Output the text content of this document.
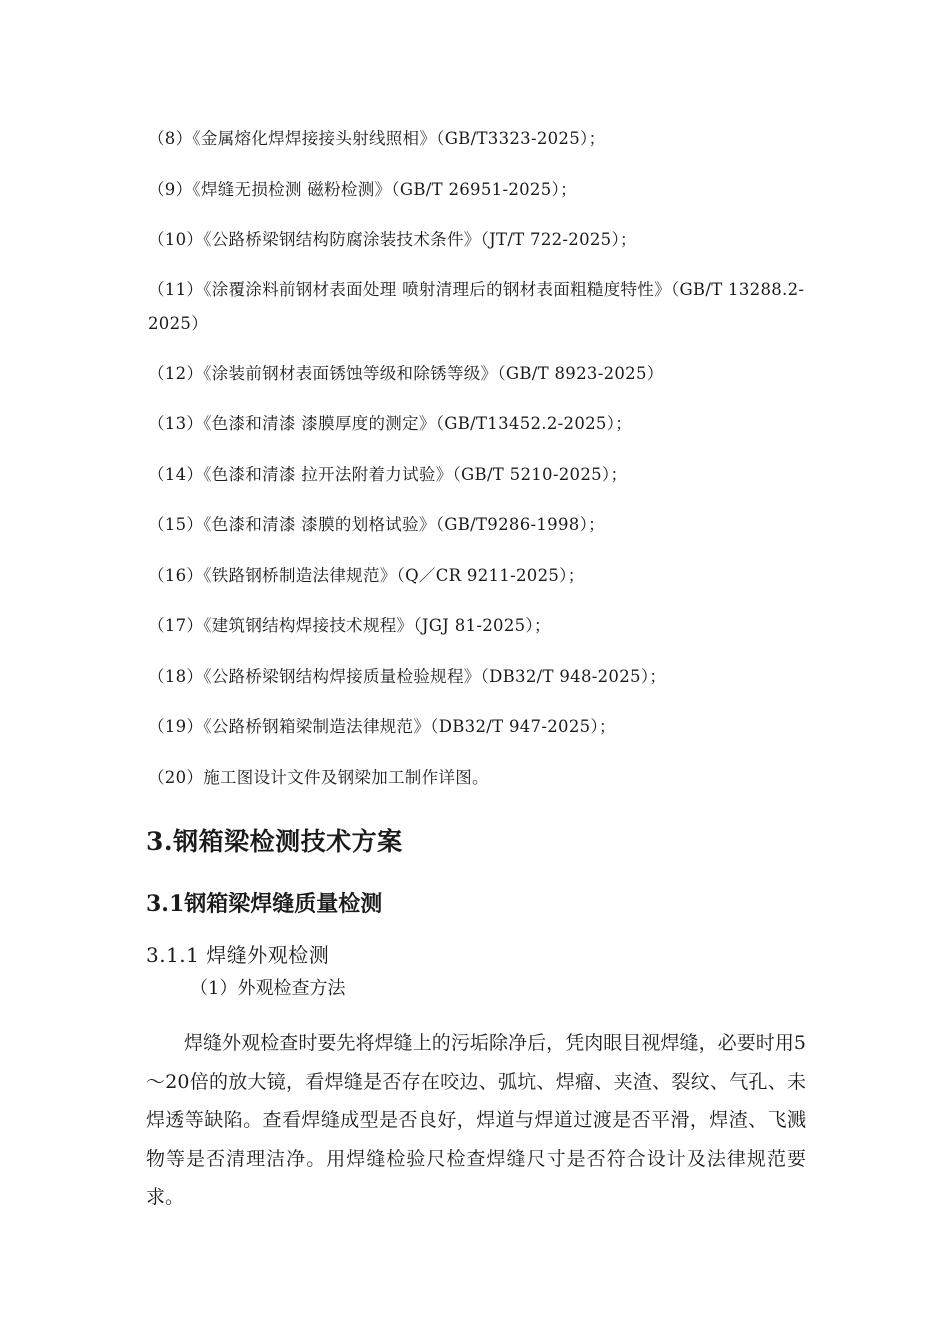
（8）《金属熔化焊焊接接头射线照相》（GB/T3323-2025）；
（9）《焊缝无损检测 磁粉检测》（GB/T 26951-2025）；
（10）《公路桥梁钢结构防腐涂装技术条件》（JT/T 722-2025）；
（11）《涂覆涂料前钢材表面处理 喷射清理后的钢材表面粗糙度特性》（GB/T 13288.2-2025）
（12）《涂装前钢材表面锈蚀等级和除锈等级》（GB/T 8923-2025）
（13）《色漆和清漆 漆膜厚度的测定》（GB/T13452.2-2025）；
（14）《色漆和清漆 拉开法附着力试验》（GB/T 5210-2025）；
（15）《色漆和清漆 漆膜的划格试验》（GB/T9286-1998）；
（16）《铁路钢桥制造法律规范》（Q／CR 9211-2025）；
（17）《建筑钢结构焊接技术规程》（JGJ 81-2025）；
（18）《公路桥梁钢结构焊接质量检验规程》（DB32/T 948-2025）；
（19）《公路桥钢箱梁制造法律规范》（DB32/T 947-2025）；
（20）施工图设计文件及钢梁加工制作详图。
3.钢箱梁检测技术方案
3.1钢箱梁焊缝质量检测
3.1.1 焊缝外观检测
（1）外观检查方法

焊缝外观检查时要先将焊缝上的污垢除净后，凭肉眼目视焊缝，必要时用5～20倍的放大镜，看焊缝是否存在咬边、弧坑、焊瘤、夹渣、裂纹、气孔、未焊透等缺陷。查看焊缝成型是否良好，焊道与焊道过渡是否平滑，焊渣、飞溅物等是否清理洁净。用焊缝检验尺检查焊缝尺寸是否符合设计及法律规范要求。
